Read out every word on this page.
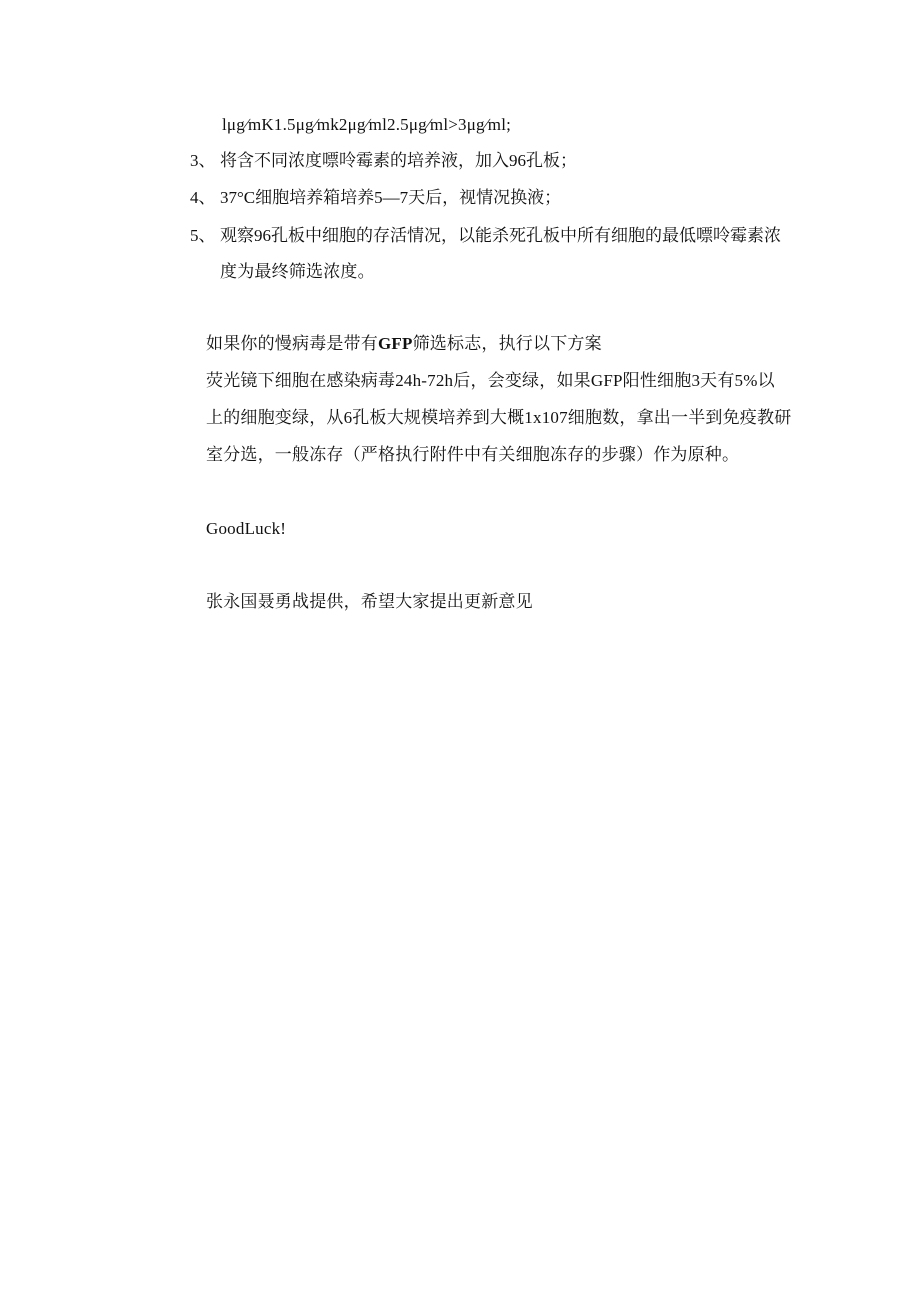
lμg∕mK1.5μg∕mk2μg∕ml2.5μg∕ml>3μg∕ml;
3、 将含不同浓度嘌呤霉素的培养液，加入96孔板；
4、 37°C细胞培养箱培养5—7天后，视情况换液；
5、 观察96孔板中细胞的存活情况，以能杀死孔板中所有细胞的最低嘌呤霉素浓
度为最终筛选浓度。
如果你的慢病毒是带有GFP筛选标志，执行以下方案
荧光镜下细胞在感染病毒24h-72h后，会变绿，如果GFP阳性细胞3天有5%以
上的细胞变绿，从6孔板大规模培养到大概1x107细胞数，拿出一半到免疫教研
室分选，一般冻存（严格执行附件中有关细胞冻存的步骤）作为原种。
GoodLuck!
张永国聂勇战提供，希望大家提出更新意见
